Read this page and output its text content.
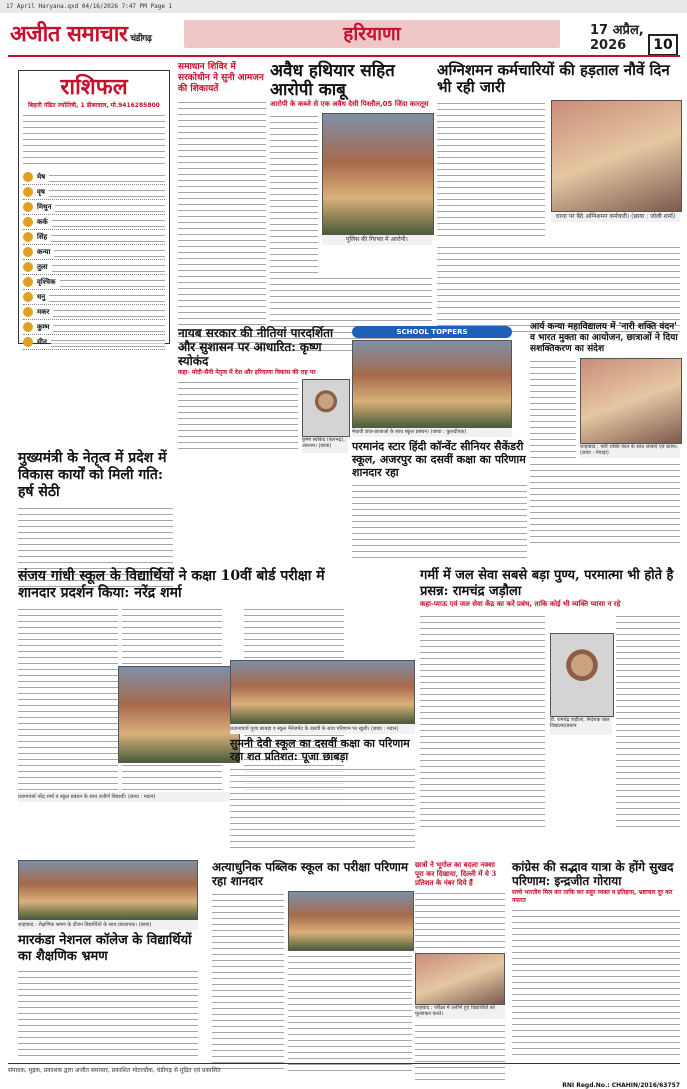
17 April Haryana.qxd 04/16/2026 7:47 PM Page 1
अजीत समाचार चंडीगढ़	हरियाणा	17 अप्रैल, 2026	10
राशिफल
बिहारी पंडित ज्योतिषी, 1 डीबरवाल, मो.9416285800
मेष
वृष
मिथुन
कर्क
सिंह
कन्या
तुला
वृश्चिक
धनु
मकर
कुम्भ
मीन
समाधान शिविर में सरकोधीन ने सुनी आमजन की शिकायतें
अवैध हथियार सहित आरोपी काबू
आरोपी के कब्जे से एक अवैध देसी पिस्तौल,05 जिंदा कारतूस
पुलिस की गिरफ्त में आरोपी।
अग्निशमन कर्मचारियों की हड़ताल नौवें दिन भी रही जारी
धरना पर बैठे अग्निशमन कर्मचारी। (छाया : जोली शर्मा)
नायब सरकार की नीतियां पारदर्शिता और सुशासन पर आधारित: कृष्ण स्योकंद
कहा- मोदी-सैनी नेतृत्व में देश और हरियाणा विकास की राह पर
कृष्ण स्योकंद (बलभद्र), आरतम। (छाया)
मुख्यमंत्री के नेतृत्व में प्रदेश में विकास कार्यों को मिली गति: हर्ष सेठी
SCHOOL TOPPERS
मेधावी छात्र-छात्राओं के साथ स्कूल प्रबंधन। (छाया : कुलदीपक)
परमानंद स्टार हिंदी कॉन्वेंट सीनियर सैकेंडरी स्कूल, अजरपुर का दसवीं कक्षा का परिणाम शानदार रहा
आर्य कन्या महाविद्यालय में 'नारी शक्ति वंदन' व भारत मुक्ता का आयोजन, छात्राओं ने दिया सशक्तिकरण का संदेश
शाहाबाद : नारी शक्ति वंदन के साथ छात्राएं एवं स्टाफ। (छाया : मेवाड़ा)
संजय गांधी स्कूल के विद्यार्थियों ने कक्षा 10वीं बोर्ड परीक्षा में शानदार प्रदर्शन किया: नरेंद्र शर्मा
प्रथमाचार्य नरेंद्र शर्मा व स्कूल प्रबंधन के साथ उत्तीर्ण विद्यार्थी। (छाया : मदान)
गर्मी में जल सेवा सबसे बड़ा पुण्य, परमात्मा भी होते है प्रसन्न: रामचंद्र जड़ौला
कहा-प्याऊ एवं जल सेवा केंद्र का करें प्रबंध, ताकि कोई भी व्यक्ति प्यासा न रहे
डॉ. रामचंद्र जड़ौला, निदेशक बाल विद्यालय/प्रधान
प्रधानाचार्य पूजा छाबड़ा व स्कूल मैनेजमेंट के दसवीं के साथ परिणाम पर खुशी। (छाया : मदान)
सुमनी देवी स्कूल का दसवीं कक्षा का परिणाम रहा शत प्रतिशत: पूजा छाबड़ा
शाहाबाद : शैक्षणिक भ्रमण के दौरान विद्यार्थियों के साथ प्राध्यापक। (छाया)
मारकंडा नेशनल कॉलेज के विद्यार्थियों का शैक्षणिक भ्रमण
अत्याधुनिक पब्लिक स्कूल का परीक्षा परिणाम रहा शानदार
छात्रों ने भूगोल का बदला नक्शा पूरा कर दिखाया, दिल्ली में ये 3 प्रतिशत के नंबर दिये हैं
शाहबाद : परीक्षा में उत्तीर्ण हुए विद्यार्थियों को मूल्यांकन करते।
कांग्रेस की सद्भाव यात्रा के होंगे सुखद परिणाम: इन्द्रजीत गोराया
सच्चे भारतीय मिल कर ताकि कर सहूर व्यक्त व इतिहास, भ्रष्टाचार दूर कर नफरत
संपादक, मुद्रक, प्रकाशक द्वारा अजीत समाचार, प्रकाशित मोटरचौक, चंडीगढ़ से मुद्रित एवं प्रकाशित
RNI Regd.No.: CHAHIN/2016/63757
